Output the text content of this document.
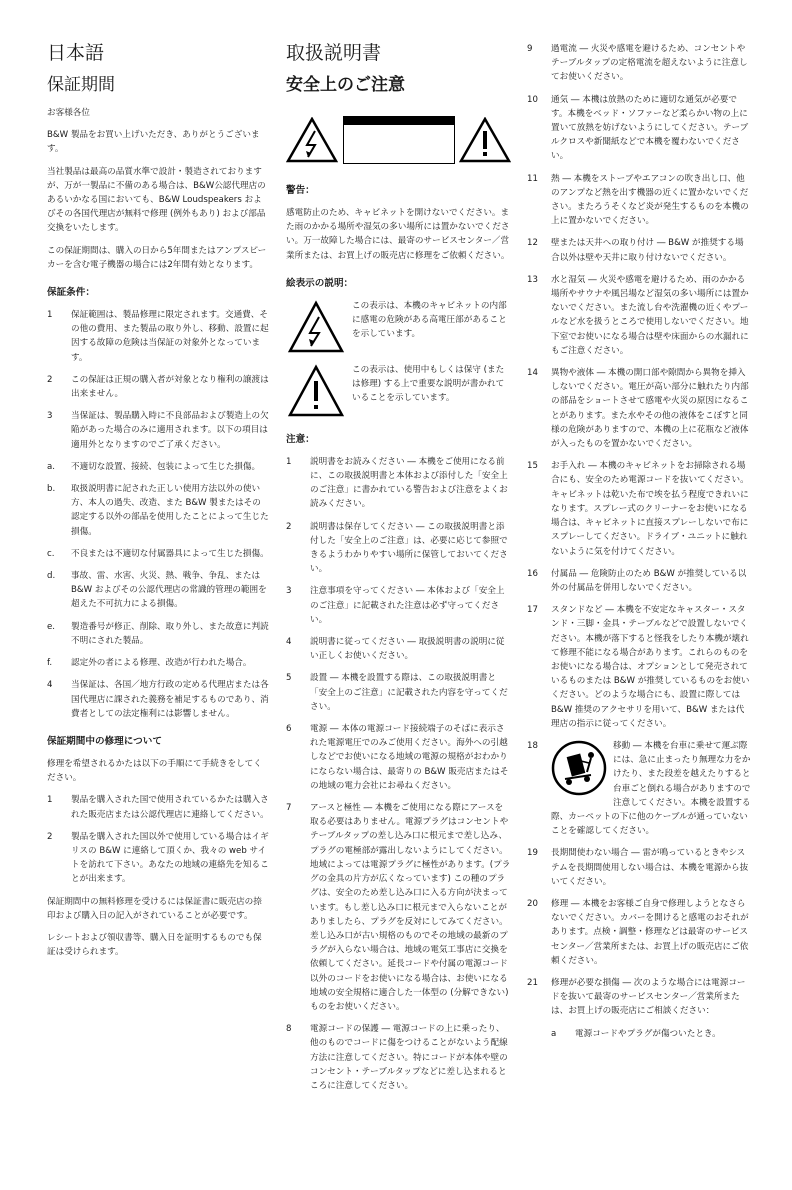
日本語
保証期間

お客様各位

B&W 製品をお買い上げいただき、ありがとうございます。

当社製品は最高の品質水準で設計・製造されておりますが、万が一製品に不備のある場合は、B&W公認代理店のあるいかなる国においても、B&W Loudspeakers およびその各国代理店が無料で修理 (例外もあり) および部品交換をいたします。

この保証期間は、購入の日から5年間またはアンプスピーカーを含む電子機器の場合には2年間有効となります。

保証条件：
1	保証範囲は、製品修理に限定されます。交通費、その他の費用、また製品の取り外し、移動、設置に起因する故障の危険は当保証の対象外となっています。
2	この保証は正規の購入者が対象となり権利の譲渡は出来ません。
3	当保証は、製品購入時に不良部品および製造上の欠陥があった場合のみに適用されます。以下の項目は適用外となりますのでご了承ください。
a.	不適切な設置、接続、包装によって生じた損傷。
b.	取扱説明書に記された正しい使用方法以外の使い方、本人の過失、改造、また B&W 製またはその認定する以外の部品を使用したことによって生じた損傷。
c.	不良または不適切な付属器具によって生じた損傷。
d.	事故、雷、水害、火災、熱、戦争、争乱、または B&W およびその公認代理店の常識的管理の範囲を超えた不可抗力による損傷。
e.	製造番号が修正、削除、取り外し、また故意に判読不明にされた製品。
f.	認定外の者による修理、改造が行われた場合。
4	当保証は、各国／地方行政の定める代理店または各国代理店に課された義務を補足するものであり、消費者としての法定権利には影響しません。
保証期間中の修理について

修理を希望されるかたは以下の手順にて手続きをしてください。

1	製品を購入された国で使用されているかたは購入された販売店または公認代理店に連絡してください。
2	製品を購入された国以外で使用している場合はイギリスの B&W に連絡して頂くか、我々の web サイトを訪れて下さい。あなたの地域の連絡先を知ることが出来ます。

保証期間中の無料修理を受けるには保証書に販売店の捺印および購入日の記入がされていることが必要です。

レシートおよび領収書等、購入日を証明するものでも保証は受けられます。

取扱説明書
安全上のご注意
警告：

感電防止のため、キャビネットを開けないでください。また雨のかかる場所や湿気の多い場所には置かないでください。万一故障した場合には、最寄のサービスセンター／営業所または、お買上げの販売店に修理をご依頼ください。

絵表示の説明：
この表示は、本機のキャビネットの内部に感電の危険がある高電圧部があることを示しています。
この表示は、使用中もしくは保守 (または修理) する上で重要な説明が書かれていることを示しています。
注意：
1	説明書をお読みください ― 本機をご使用になる前に、この取扱説明書と本体および添付した「安全上のご注意」に書かれている警告および注意をよくお読みください。
2	説明書は保存してください ― この取扱説明書と添付した「安全上のご注意」は、必要に応じて参照できるようわかりやすい場所に保管しておいてください。
3	注意事項を守ってください ― 本体および「安全上のご注意」に記載された注意は必ず守ってください。
4	説明書に従ってください ― 取扱説明書の説明に従い正しくお使いください。
5	設置 ― 本機を設置する際は、この取扱説明書と「安全上のご注意」に記載された内容を守ってください。
6	電源 ― 本体の電源コード接続端子のそばに表示された電源電圧でのみご使用ください。海外への引越しなどでお使いになる地域の電源の規格がおわかりにならない場合は、最寄りの B&W 販売店またはその地域の電力会社にお尋ねください。
7	アースと極性 ― 本機をご使用になる際にアースを取る必要はありません。電源プラグはコンセントやテーブルタップの差し込み口に根元まで差し込み、プラグの電極部が露出しないようにしてください。地域によっては電源プラグに極性があります。(プラグの金具の片方が広くなっています) この種のプラグは、安全のため差し込み口に入る方向が決まっています。もし差し込み口に根元まで入らないことがありましたら、プラグを反対にしてみてください。差し込み口が古い規格のものでその地域の最新のプラグが入らない場合は、地域の電気工事店に交換を依頼してください。延長コードや付属の電源コード以外のコードをお使いになる場合は、お使いになる地域の安全規格に適合した一体型の (分解できない) ものをお使いください。
8	電源コードの保護 ― 電源コードの上に乗ったり、他のものでコードに傷をつけることがないよう配線方法に注意してください。特にコードが本体や壁のコンセント・テーブルタップなどに差し込まれるところに注意してください。
9	過電流 ― 火災や感電を避けるため、コンセントやテーブルタップの定格電流を超えないように注意してお使いください。
10	通気 ― 本機は放熱のために適切な通気が必要です。本機をベッド・ソファーなど柔らかい物の上に置いて放熱を妨げないようにしてください。テーブルクロスや新聞紙などで本機を覆わないでください。
11	熱 ― 本機をストーブやエアコンの吹き出し口、他のアンプなど熱を出す機器の近くに置かないでください。またろうそくなど炎が発生するものを本機の上に置かないでください。
12	壁または天井への取り付け ― B&W が推奨する場合以外は壁や天井に取り付けないでください。
13	水と湿気 ― 火災や感電を避けるため、雨のかかる場所やサウナや風呂場など湿気の多い場所には置かないでください。また流し台や洗濯機の近くやプールなど水を扱うところで使用しないでください。地下室でお使いになる場合は壁や床面からの水漏れにもご注意ください。
14	異物や液体 ― 本機の開口部や隙間から異物を挿入しないでください。電圧が高い部分に触れたり内部の部品をショートさせて感電や火災の原因になることがあります。また水やその他の液体をこぼすと同様の危険がありますので、本機の上に花瓶など液体が入ったものを置かないでください。
15	お手入れ ― 本機のキャビネットをお掃除される場合にも、安全のため電源コードを抜いてください。キャビネットは乾いた布で埃を払う程度できれいになります。スプレー式のクリーナーをお使いになる場合は、キャビネットに直接スプレーしないで布にスプレーしてください。ドライブ・ユニットに触れないように気を付けてください。
16	付属品 ― 危険防止のため B&W が推奨している以外の付属品を併用しないでください。
17	スタンドなど ― 本機を不安定なキャスター・スタンド・三脚・金具・テーブルなどで設置しないでください。本機が落下すると怪我をしたり本機が壊れて修理不能になる場合があります。これらのものをお使いになる場合は、オプションとして発売されているものまたは B&W が推奨しているものをお使いください。どのような場合にも、設置に際しては B&W 推奨のアクセサリを用いて、B&W または代理店の指示に従ってください。
18	移動 ― 本機を台車に乗せて運ぶ際には、急に止まったり無理な力をかけたり、また段差を越えたりすると台車ごと倒れる場合がありますので注意してください。本機を設置する際、カーペットの下に他のケーブルが通っていないことを確認してください。
19	長期間使わない場合 ― 雷が鳴っているときやシステムを長期間使用しない場合は、本機を電源から抜いてください。
20	修理 ― 本機をお客様ご自身で修理しようとなさらないでください。カバーを開けると感電のおそれがあります。点検・調整・修理などは最寄のサービスセンター／営業所または、お買上げの販売店にご依頼ください。
21	修理が必要な損傷 ― 次のような場合には電源コードを抜いて最寄のサービスセンター／営業所または、お買上げの販売店にご相談ください：
a	電源コードやプラグが傷ついたとき。
